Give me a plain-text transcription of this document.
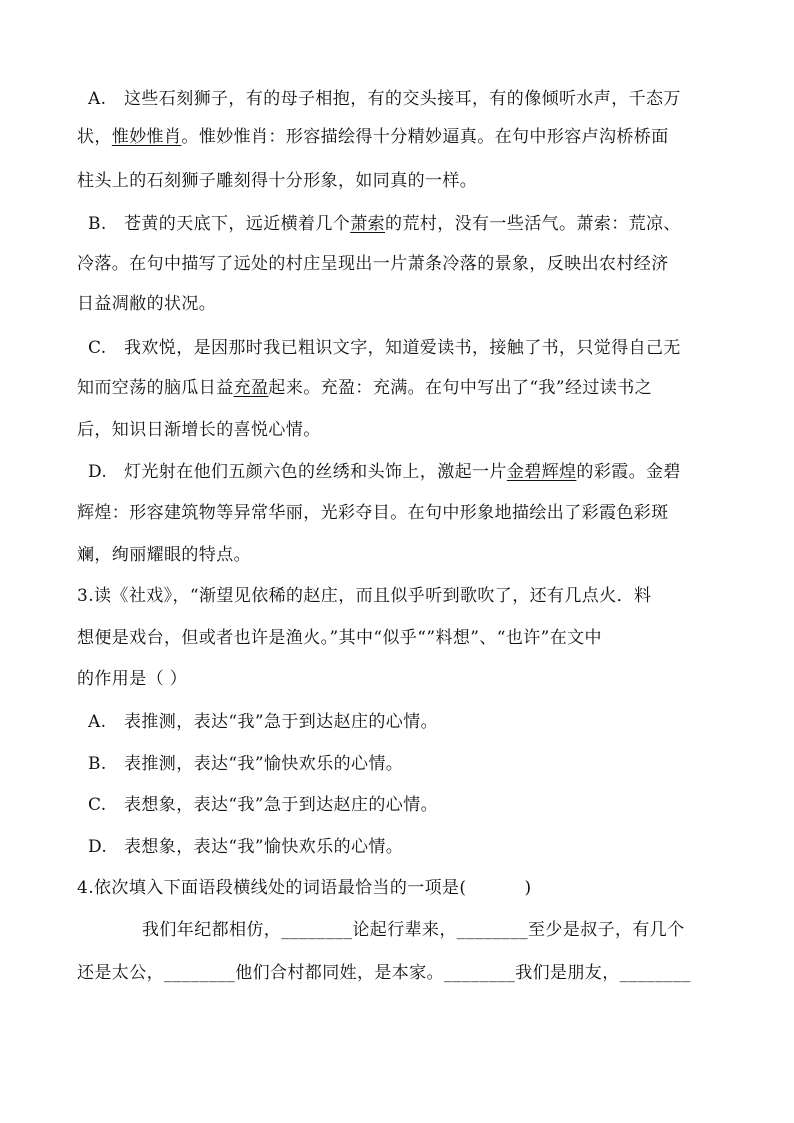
A. 这些石刻狮子，有的母子相抱，有的交头接耳，有的像倾听水声，千态万
状，惟妙惟肖。惟妙惟肖：形容描绘得十分精妙逼真。在句中形容卢沟桥桥面
柱头上的石刻狮子雕刻得十分形象，如同真的一样。
B. 苍黄的天底下，远近横着几个萧索的荒村，没有一些活气。萧索：荒凉、
冷落。在句中描写了远处的村庄呈现出一片萧条冷落的景象，反映出农村经济
日益凋敝的状况。
C. 我欢悦，是因那时我已粗识文字，知道爱读书，接触了书，只觉得自己无
知而空荡的脑瓜日益充盈起来。充盈：充满。在句中写出了“我”经过读书之
后，知识日渐增长的喜悦心情。
D. 灯光射在他们五颜六色的丝绣和头饰上，激起一片金碧辉煌的彩霞。金碧
辉煌：形容建筑物等异常华丽，光彩夺目。在句中形象地描绘出了彩霞色彩斑
斓，绚丽耀眼的特点。
3.读《社戏》，“渐望见依稀的赵庄，而且似乎听到歌吹了，还有几点火．料
想便是戏台，但或者也许是渔火。”其中“似乎“”料想”、“也许”在文中
的作用是（ ）
A. 表推测，表达“我”急于到达赵庄的心情。
B. 表推测，表达“我”愉快欢乐的心情。
C. 表想象，表达“我”急于到达赵庄的心情。
D. 表想象，表达“我”愉快欢乐的心情。
4.依次填入下面语段横线处的词语最恰当的一项是(          )
我们年纪都相仿，________论起行辈来，________至少是叔子，有几个
还是太公，________他们合村都同姓，是本家。________我们是朋友，________
